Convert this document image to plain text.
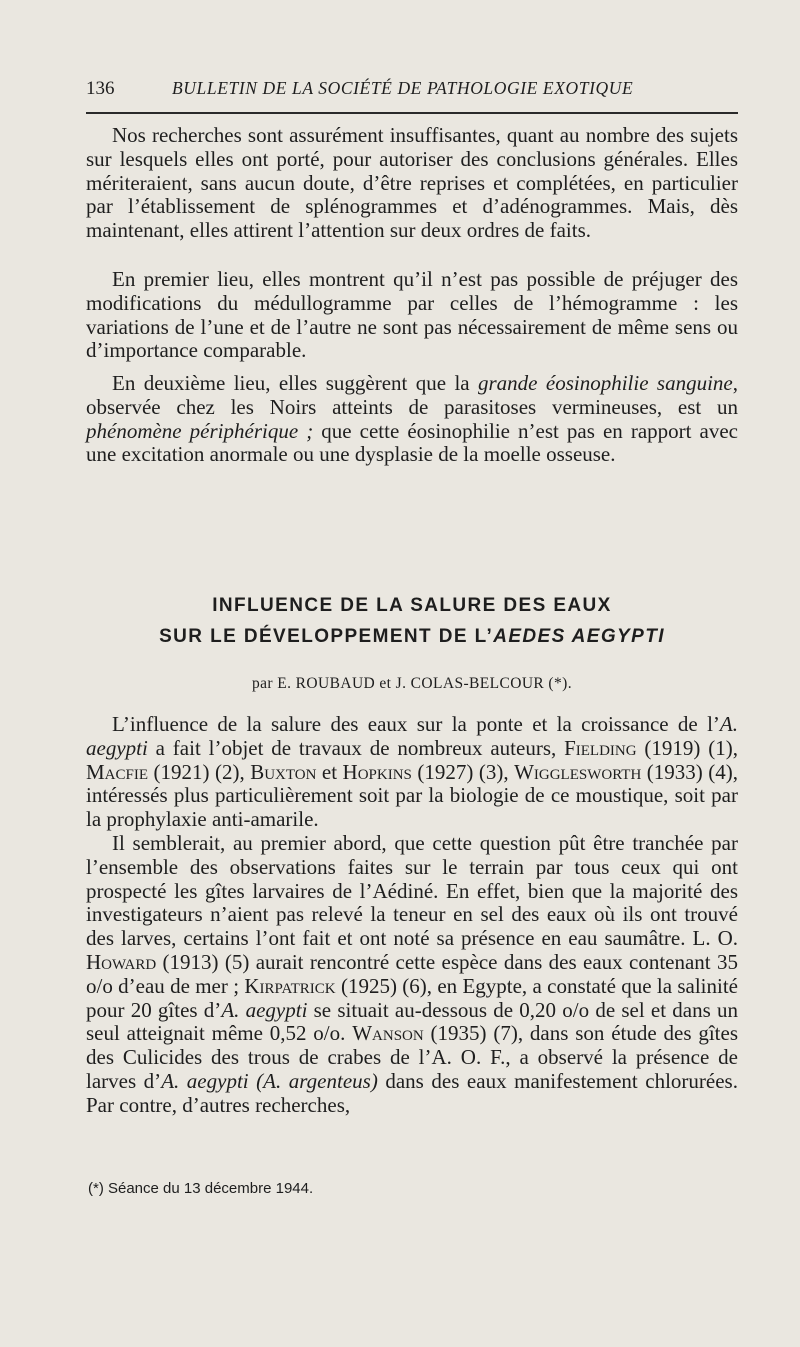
136	BULLETIN DE LA SOCIÉTÉ DE PATHOLOGIE EXOTIQUE

Nos recherches sont assurément insuffisantes, quant au nombre des sujets sur lesquels elles ont porté, pour autoriser des conclusions générales. Elles mériteraient, sans aucun doute, d’être reprises et complétées, en particulier par l’établissement de splénogrammes et d’adénogrammes. Mais, dès maintenant, elles attirent l’attention sur deux ordres de faits.

En premier lieu, elles montrent qu’il n’est pas possible de préjuger des modifications du médullogramme par celles de l’hémogramme : les variations de l’une et de l’autre ne sont pas nécessairement de même sens ou d’importance comparable.

En deuxième lieu, elles suggèrent que la grande éosinophilie sanguine, observée chez les Noirs atteints de parasitoses vermineuses, est un phénomène périphérique ; que cette éosinophilie n’est pas en rapport avec une excitation anormale ou une dysplasie de la moelle osseuse.

INFLUENCE DE LA SALURE DES EAUX
SUR LE DÉVELOPPEMENT DE L’AEDES AEGYPTI
par E. ROUBAUD et J. COLAS-BELCOUR (*).

L’influence de la salure des eaux sur la ponte et la croissance de l’A. aegypti a fait l’objet de travaux de nombreux auteurs, Fielding (1919) (1), Macfie (1921) (2), Buxton et Hopkins (1927) (3), Wigglesworth (1933) (4), intéressés plus particulièrement soit par la biologie de ce moustique, soit par la prophylaxie anti-amarile.

Il semblerait, au premier abord, que cette question pût être tranchée par l’ensemble des observations faites sur le terrain par tous ceux qui ont prospecté les gîtes larvaires de l’Aédiné. En effet, bien que la majorité des investigateurs n’aient pas relevé la teneur en sel des eaux où ils ont trouvé des larves, certains l’ont fait et ont noté sa présence en eau saumâtre. L. O. Howard (1913) (5) aurait rencontré cette espèce dans des eaux contenant 35 o/o d’eau de mer ; Kirpatrick (1925) (6), en Egypte, a constaté que la salinité pour 20 gîtes d’A. aegypti se situait au-dessous de 0,20 o/o de sel et dans un seul atteignait même 0,52 o/o. Wanson (1935) (7), dans son étude des gîtes des Culicides des trous de crabes de l’A. O. F., a observé la présence de larves d’A. aegypti (A. argenteus) dans des eaux manifestement chlorurées. Par contre, d’autres recherches,

(*) Séance du 13 décembre 1944.
